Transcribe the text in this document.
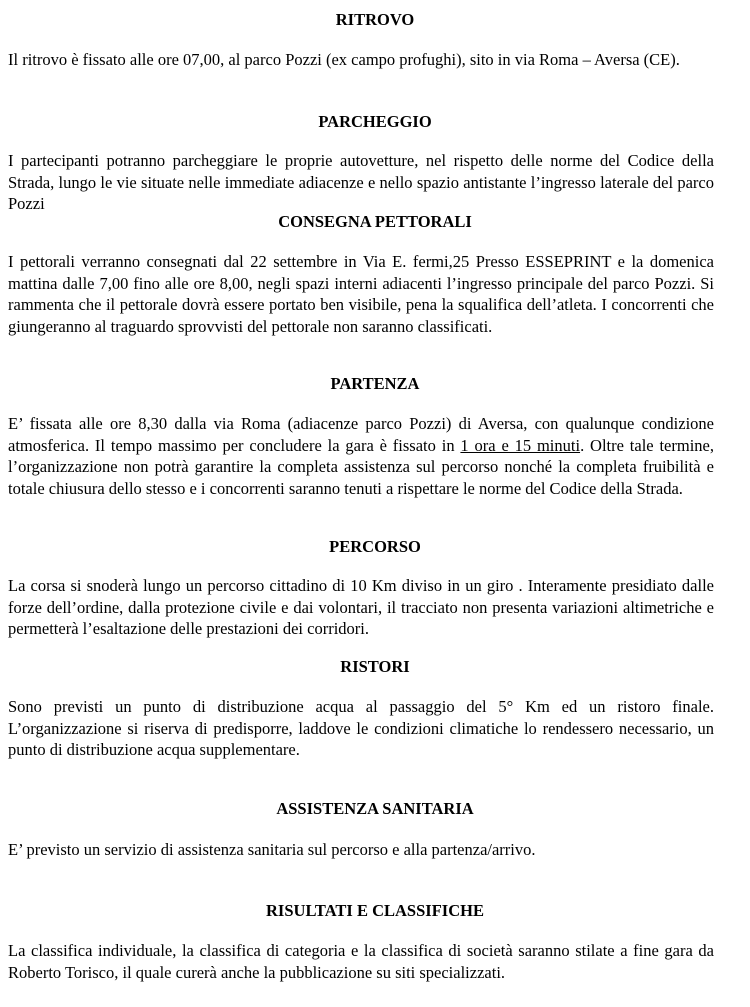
RITROVO

Il ritrovo è fissato alle ore 07,00, al parco Pozzi (ex campo profughi), sito in via Roma – Aversa (CE).

PARCHEGGIO

I partecipanti potranno parcheggiare le proprie autovetture, nel rispetto delle norme del Codice della Strada, lungo le vie situate nelle immediate adiacenze e nello spazio antistante l’ingresso laterale del parco Pozzi

CONSEGNA PETTORALI

I pettorali verranno consegnati dal 22 settembre in Via E. fermi,25 Presso ESSEPRINT e la domenica mattina dalle 7,00 fino alle ore 8,00, negli spazi interni adiacenti l’ingresso principale del parco Pozzi. Si rammenta che il pettorale dovrà essere portato ben visibile, pena la squalifica dell’atleta. I concorrenti che giungeranno al traguardo sprovvisti del pettorale non saranno classificati.

PARTENZA

E’ fissata alle ore 8,30 dalla via Roma (adiacenze parco Pozzi) di Aversa, con qualunque condizione atmosferica. Il tempo massimo per concludere la gara è fissato in 1 ora e 15 minuti. Oltre tale termine, l’organizzazione non potrà garantire la completa assistenza sul percorso nonché la completa fruibilità e totale chiusura dello stesso e i concorrenti saranno tenuti a rispettare le norme del Codice della Strada.

PERCORSO

La corsa si snoderà lungo un percorso cittadino di 10 Km diviso in un giro . Interamente presidiato dalle forze dell’ordine, dalla protezione civile e dai volontari, il tracciato non presenta variazioni altimetriche e permetterà l’esaltazione delle prestazioni dei corridori.

RISTORI

Sono previsti un punto di distribuzione acqua al passaggio del 5° Km ed un ristoro finale. L’organizzazione si riserva di predisporre, laddove le condizioni climatiche lo rendessero necessario, un punto di distribuzione acqua supplementare.

ASSISTENZA SANITARIA

E’ previsto un servizio di assistenza sanitaria sul percorso e alla partenza/arrivo.

RISULTATI E CLASSIFICHE

La classifica individuale, la classifica di categoria e la classifica di società saranno stilate a fine gara da Roberto Torisco, il quale curerà anche la pubblicazione su siti specializzati.
